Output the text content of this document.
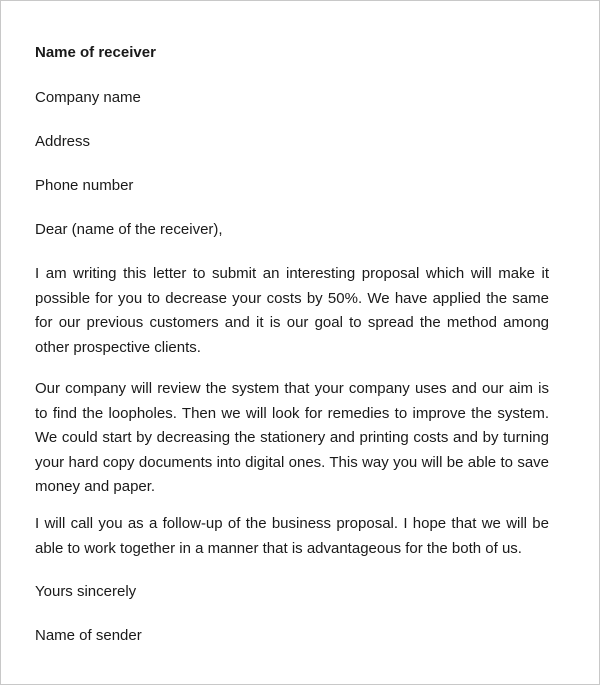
Name of receiver
Company name
Address
Phone number
Dear (name of the receiver),

I am writing this letter to submit an interesting proposal which will make it possible for you to decrease your costs by 50%. We have applied the same for our previous customers and it is our goal to spread the method among other prospective clients.

Our company will review the system that your company uses and our aim is to find the loopholes. Then we will look for remedies to improve the system. We could start by decreasing the stationery and printing costs and by turning your hard copy documents into digital ones. This way you will be able to save money and paper.

I will call you as a follow-up of the business proposal. I hope that we will be able to work together in a manner that is advantageous for the both of us.

Yours sincerely
Name of sender
